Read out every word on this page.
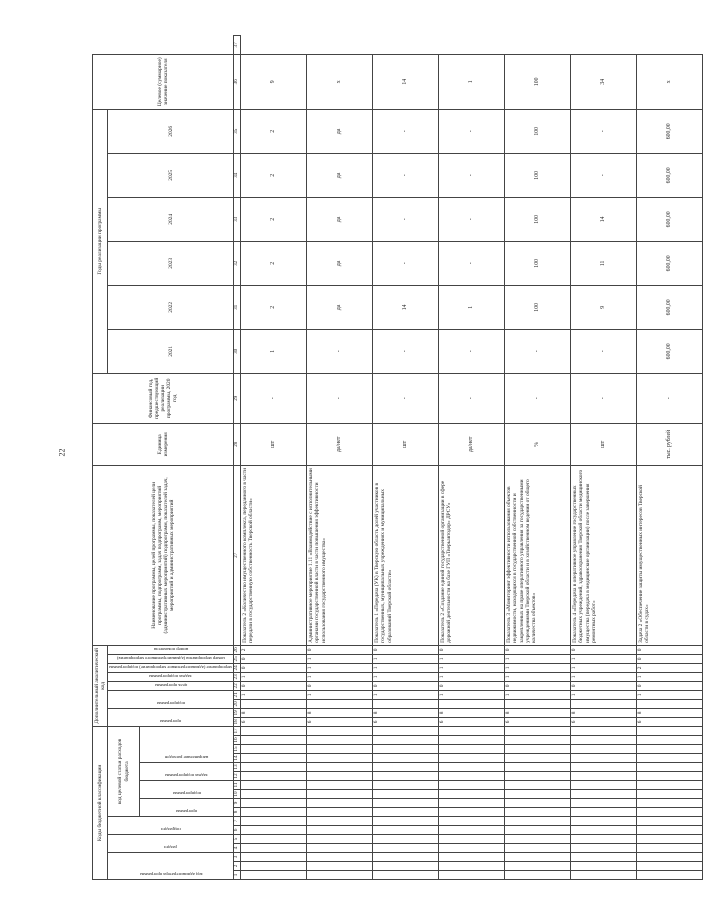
22
Коды бюджетной классификации																	Дополнительный аналитический код									Наименование программы, целей программы, показателей цели программы, подпрограмм, задач подпрограмм, мероприятий (административных мероприятий) подпрограмм, показателей задач, мероприятий и административных мероприятий	Единица измерения	Финансовый год, предшествующий реализации программы, 2020 год	Годы реализации программы						Целевое (суммарное) значение показателя	

код администратора программы			раздел		подраздел		код целевой статьи расходов бюджета										программа		подпрограмма		цель программы	задача подпрограммы	мероприятие (административное мероприятие) подпрограммы	номер мероприятия (административного мероприятия)	номер показателя				2021	2022	2023	2024	2025	2026		

							программа		подпрограмма		задача подпрограммы		направление расходов																							

1	2	3	4	5	6	7	8	9	10	11	12	13	14	15	16	17	18	19	20	21	22	23	24	25	26	27	28	29	30	31	32	33	34	35	36	37
																	6	8		1	0	1	0	0	2	Показатель 2 «Количество имущественного комплекса, переданного в части передачи в государственную собственность Тверской области»	шт	-	1	2	2	2	2	2	9	
																	6	8		1	0	1	1	1	0	Административное мероприятие 1.11 «Взаимодействие с исполнительными органами государственной власти в части повышения эффективности использования государственного имущества»	да/нет	-	-	да	да	да	да	да	х	
																	6	8		1	0	1	1	1	0	Показатель 1 «Передача (УК) в Тверскую область долей участников в государственных, муниципальных учреждениях и муниципальных образований Тверской области»	шт	-	-	14	-	-	-	-	14	
																	6	8		1	0	1	1	1	0	Показатель 2 «Создание единой государственной организации в сфере дорожной деятельности на базе ГУП «Тверьавтодор» ДРСУ»	да/нет	-	-	1	-	-	-	-	1	
																	6	8		1	0	1	1	1	0	Показатель 3 «Мониторинг эффективности использования объектов недвижимости, находящихся в государственной собственности и закрепленных на праве оперативного управления за государственными учреждениями Тверской области и в хозяйственном ведении от общего количества объектов»	%	-	-	100	100	100	100	100	100	
																	6	8		1	0	1	1	1	0	Показатель 4 «Передача в оперативное управление государственных бюджетных учреждений, здравоохранения Тверской области медицинского имущества (передача в медицинские организации) после завершения ремонтных работ»	шт	-	-	9	11	14	-	-	34	
																	6	8		1	0	1	2	0	0	Задача 2 «Обеспечение защиты имущественных интересов Тверской области в судах»	тыс. рублей	-	600,00	600,00	600,00	600,00	600,00	600,00	х	
